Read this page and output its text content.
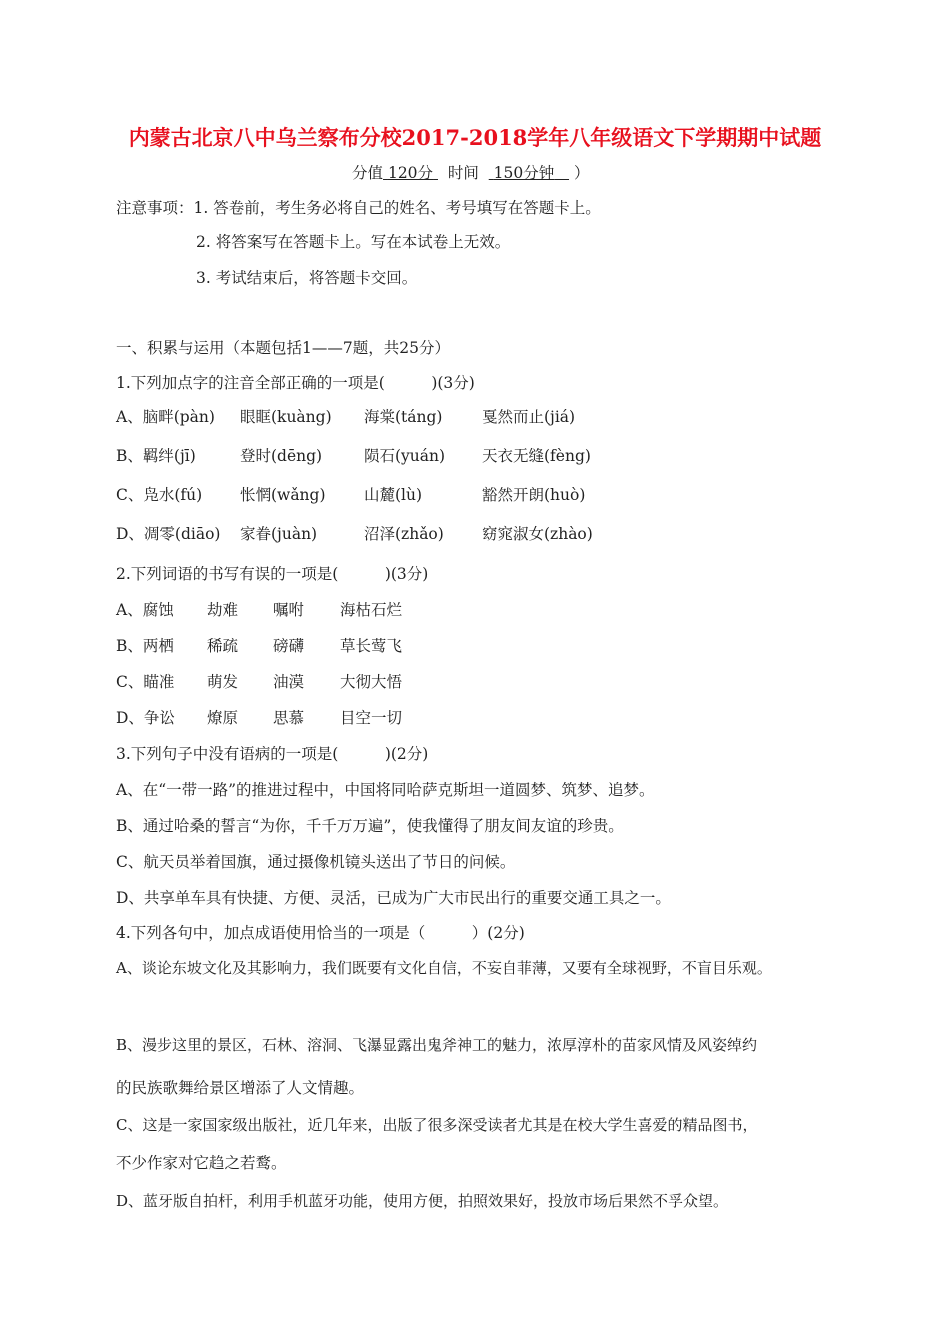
内蒙古北京八中乌兰察布分校2017-2018学年八年级语文下学期期中试题
分值 120分 时间 150分钟 ）
注意事项：1. 答卷前，考生务必将自己的姓名、考号填写在答题卡上。
2. 将答案写在答题卡上。写在本试卷上无效。
3. 考试结束后，将答题卡交回。
一、积累与运用（本题包括1——7题，共25分）
1.下列加点字的注音全部正确的一项是(　　　)(3分)
A、脑畔(pàn) 眼眶(kuàng) 海棠(táng)	戛然而止(jiá)
B、羁绊(jī)	登时(dēng)	陨石(yuán) 天衣无缝(fèng)
C、凫水(fú) 怅惘(wǎng) 山麓(lù)	豁然开朗(huò)
D、凋零(diāo) 家眷(juàn)	沼泽(zhǎo) 窈窕淑女(zhào)
2.下列词语的书写有误的一项是(　　　)(3分)
A、腐蚀 劫难 嘱咐 海枯石烂
B、两栖 稀疏 磅礴 草长莺飞
C、瞄准 萌发 油漠 大彻大悟
D、争讼 燎原 思慕 目空一切
3.下列句子中没有语病的一项是(　　　)(2分)
A、在“一带一路”的推进过程中，中国将同哈萨克斯坦一道圆梦、筑梦、追梦。
B、通过哈桑的誓言“为你，千千万万遍”，使我懂得了朋友间友谊的珍贵。
C、航天员举着国旗，通过摄像机镜头送出了节日的问候。
D、共享单车具有快捷、方便、灵活，已成为广大市民出行的重要交通工具之一。
4.下列各句中，加点成语使用恰当的一项是（　　　）(2分)
A、谈论东坡文化及其影响力，我们既要有文化自信，不妄自菲薄，又要有全球视野，不盲目乐观。
B、漫步这里的景区，石林、溶洞、飞瀑显露出鬼斧神工的魅力，浓厚淳朴的苗家风情及风姿绰约
的民族歌舞给景区增添了人文情趣。
C、这是一家国家级出版社，近几年来，出版了很多深受读者尤其是在校大学生喜爱的精品图书，
不少作家对它趋之若鹜。
D、蓝牙版自拍杆，利用手机蓝牙功能，使用方便，拍照效果好，投放市场后果然不孚众望。
